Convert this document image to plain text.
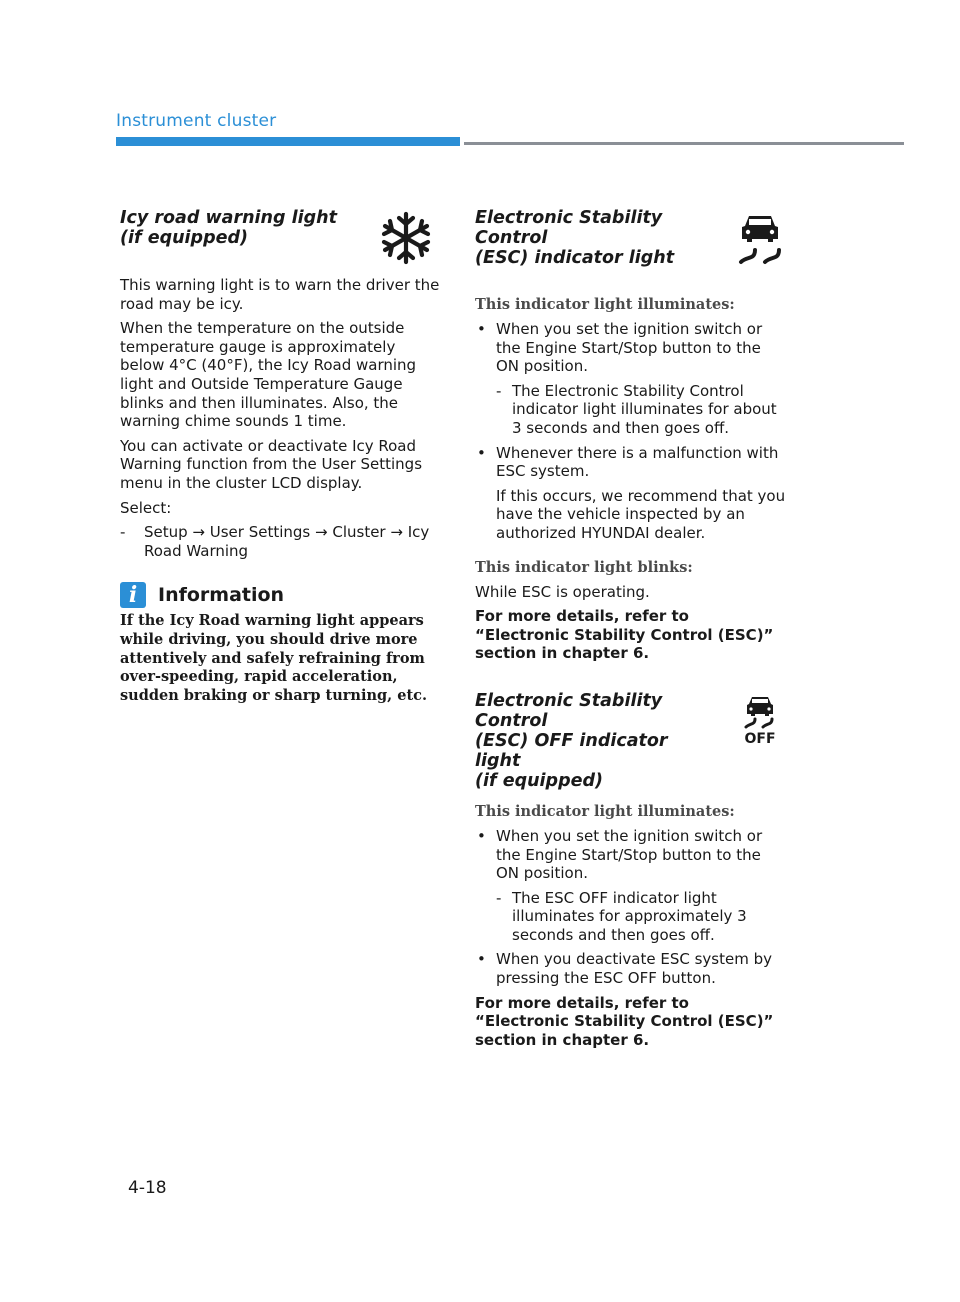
Instrument cluster
Icy road warning light
(if equipped)

This warning light is to warn the driver the road may be icy.

When the temperature on the outside temperature gauge is approximately below 4°C (40°F), the Icy Road warning light and Outside Temperature Gauge blinks and then illuminates. Also, the warning chime sounds 1 time.

You can activate or deactivate Icy Road Warning function from the User Settings menu in the cluster LCD display.

Select:

- Setup → User Settings → Cluster → Icy Road Warning
i	Information

If the Icy Road warning light appears while driving, you should drive more attentively and safely refraining from over-speeding, rapid acceleration, sudden braking or sharp turning, etc.

Electronic Stability Control
(ESC) indicator light

This indicator light illuminates:

• When you set the ignition switch or the Engine Start/Stop button to the ON position.
- The Electronic Stability Control indicator light illuminates for about 3 seconds and then goes off.
• Whenever there is a malfunction with ESC system.
If this occurs, we recommend that you have the vehicle inspected by an authorized HYUNDAI dealer.

This indicator light blinks:

While ESC is operating.

For more details, refer to “Electronic Stability Control (ESC)” section in chapter 6.

Electronic Stability Control
(ESC) OFF indicator light
(if equipped)
OFF

This indicator light illuminates:

• When you set the ignition switch or the Engine Start/Stop button to the ON position.
- The ESC OFF indicator light illuminates for approximately 3 seconds and then goes off.
• When you deactivate ESC system by pressing the ESC OFF button.

For more details, refer to “Electronic Stability Control (ESC)” section in chapter 6.

4-18
